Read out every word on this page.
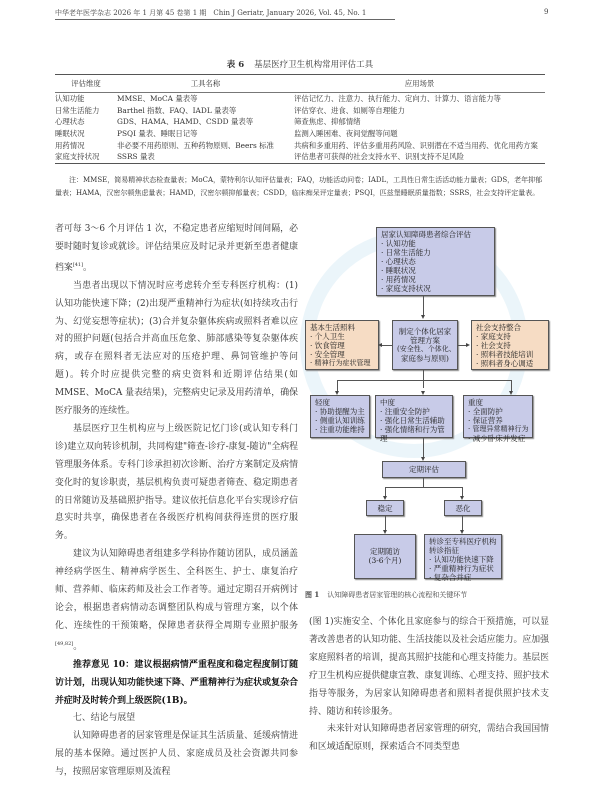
中华老年医学杂志 2026 年 1 月第 45 卷第 1 期　Chin J Geriatr, January 2026, Vol. 45, No. 1	9
表 6 基层医疗卫生机构常用评估工具
评估维度	工具名称	应用场景
认知功能	MMSE、MoCA 量表等	评估记忆力、注意力、执行能力、定向力、计算力、语言能力等
日常生活能力	Barthel 指数、FAQ、IADL 量表等	评估穿衣、进食、如厕等自理能力
心理状态	GDS、HAMA、HAMD、CSDD 量表等	筛查焦虑、抑郁情绪
睡眠状况	PSQI 量表、睡眠日记等	监测入睡困难、夜间觉醒等问题
用药情况	非必要不用药原则、五种药物原则、Beers 标准	共病和多重用药、评估多重用药风险、识别潜在不适当用药、优化用药方案
家庭支持状况	SSRS 量表	评估患者可获得的社会支持水平、识别支持不足风险
注：MMSE，简易精神状态检查量表；MoCA，蒙特利尔认知评估量表；FAQ，功能活动问卷；IADL，工具性日常生活活动能力量表；GDS，老年抑郁量表；HAMA，汉密尔顿焦虑量表；HAMD，汉密尔顿抑郁量表；CSDD，临床痴呆评定量表；PSQI，匹兹堡睡眠质量指数；SSRS，社会支持评定量表。

者可每 3～6 个月评估 1 次，不稳定患者应缩短时间间隔，必要时随时复诊或就诊。评估结果应及时记录并更新至患者健康档案[41]。

当患者出现以下情况时应考虑转介至专科医疗机构：(1)认知功能快速下降；(2)出现严重精神行为症状(如持续攻击行为、幻觉妄想等症状)；(3)合并复杂躯体疾病或照料者难以应对的照护问题(包括合并高血压危象、肺部感染等复杂躯体疾病，或存在照料者无法应对的压疮护理、鼻饲管维护等问题)。转介时应提供完整的病史资料和近期评估结果(如 MMSE、MoCA 量表结果)，完整病史记录及用药清单，确保医疗服务的连续性。

基层医疗卫生机构应与上级医院记忆门诊(或认知专科门诊)建立双向转诊机制，共同构建"筛查-诊疗-康复-随访"全病程管理服务体系。专科门诊承担初次诊断、治疗方案制定及病情变化时的复诊职责，基层机构负责可疑患者筛查、稳定期患者的日常随访及基础照护指导。建议依托信息化平台实现诊疗信息实时共享，确保患者在各级医疗机构间获得连贯的医疗服务。

建议为认知障碍患者组建多学科协作随访团队，成员涵盖神经病学医生、精神病学医生、全科医生、护士、康复治疗师、营养师、临床药师及社会工作者等。通过定期召开病例讨论会，根据患者病情动态调整团队构成与管理方案，以个体化、连续性的干预策略，保障患者获得全周期专业照护服务[49,82]。

推荐意见 10：建议根据病情严重程度和稳定程度制订随访计划，出现认知功能快速下降、严重精神行为症状或复杂合并症时及时转介到上级医院(1B)。

七、结论与展望

认知障碍患者的居家管理是保证其生活质量、延缓病情进展的基本保障。通过医护人员、家庭成员及社会资源共同参与，按照居家管理原则及流程

居家认知障碍患者综合评估
· 认知功能
· 日常生活能力
· 心理状态
· 睡眠状况
· 用药情况
· 家庭支持状况
基本生活照料
· 个人卫生
· 饮食管理
· 安全管理
· 精神行为症状管理
制定个体化居家
管理方案
(安全性、个体化、
家庭参与原则)
社会支持整合
· 家庭支持
· 社会支持
· 照料者技能培训
· 照料者身心调适
轻度
· 协助提醒为主
· 侧重认知训练
· 注重功能维持
中度
· 注重安全防护
· 强化日常生活辅助
· 强化情绪和行为管理
重度
· 全面防护
· 保证营养
· 管理异常精神行为
· 减少卧床并发症
定期评估
稳定	恶化
定期随访
(3-6个月)
转诊至专科医疗机构
转诊指征
· 认知功能快速下降
· 严重精神行为症状
· 复杂合并症
图 1 认知障碍患者居家管理的核心流程和关键环节

(图 1)实施安全、个体化且家庭参与的综合干预措施，可以显著改善患者的认知功能、生活技能以及社会适应能力。应加强家庭照料者的培训，提高其照护技能和心理支持能力。基层医疗卫生机构应提供健康宣教、康复训练、心理支持、照护技术指导等服务，为居家认知障碍患者和照料者提供照护技术支持、随访和转诊服务。

未来针对认知障碍患者居家管理的研究，需结合我国国情和区域适配原则，探索适合不同类型患
